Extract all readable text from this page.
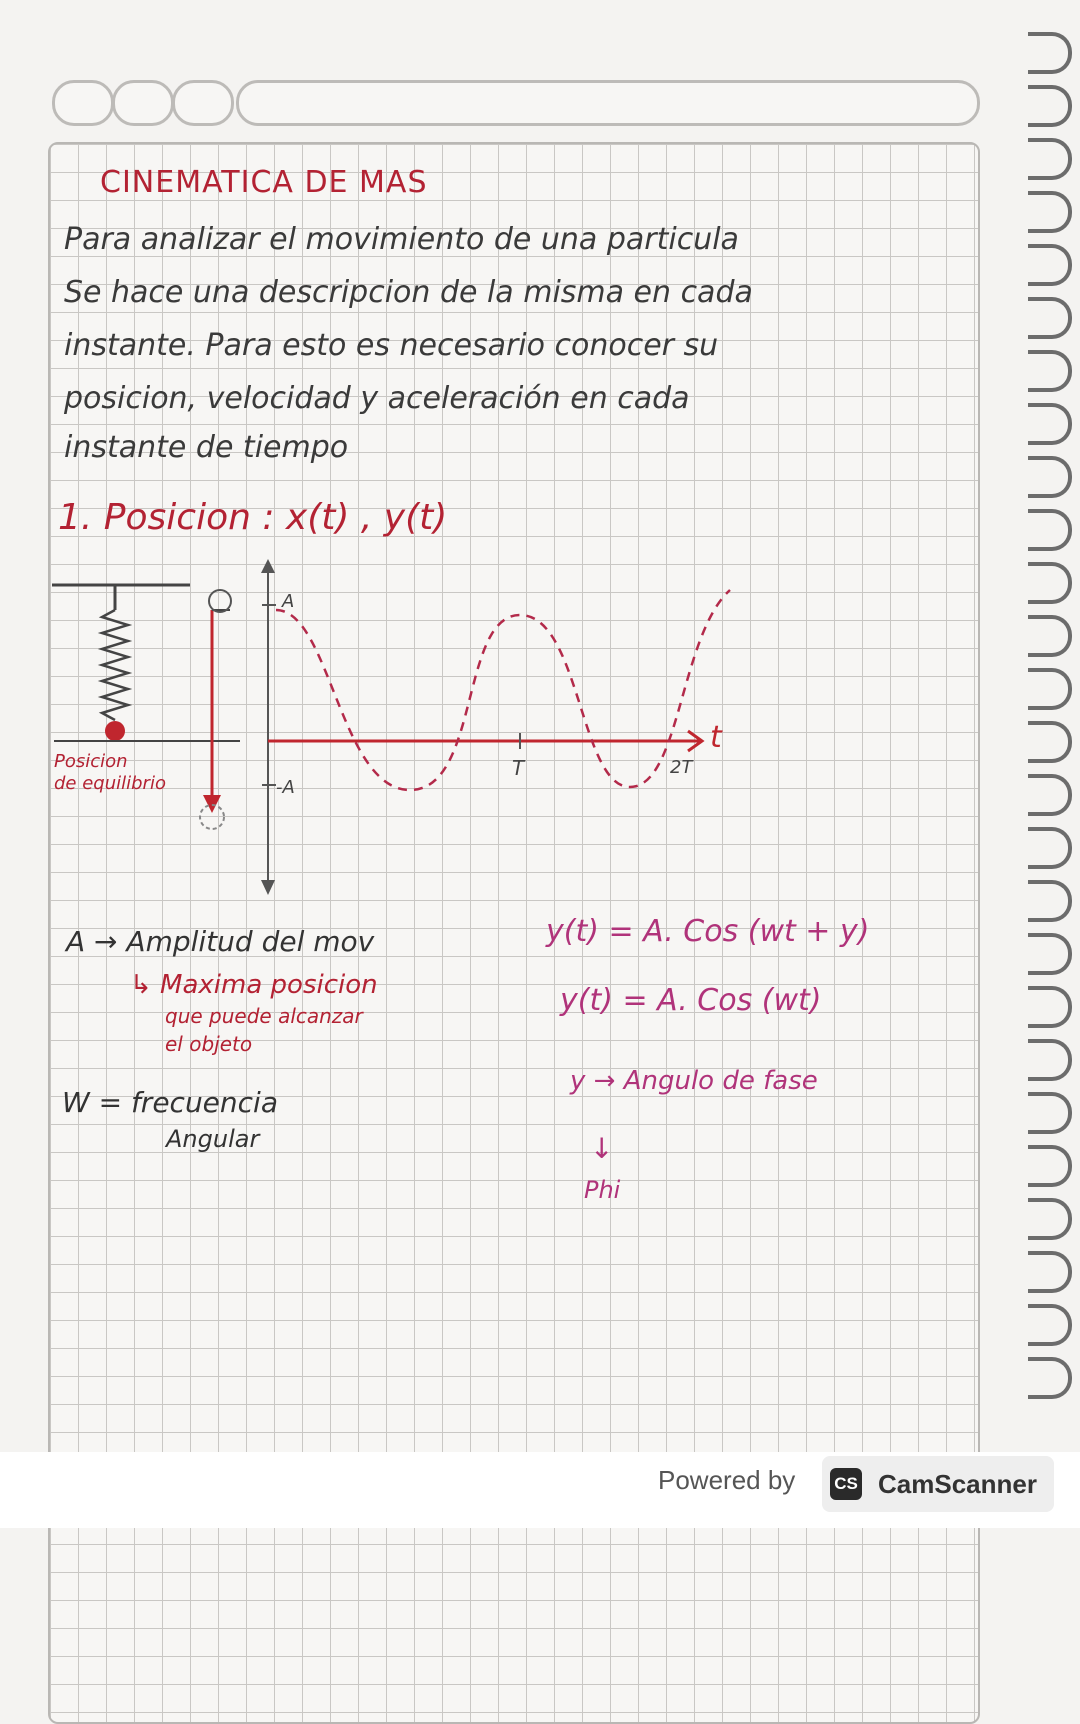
CINEMATICA DE MAS
Para analizar el movimiento de una particula
Se hace una descripcion de la misma en cada
instante. Para esto es necesario conocer su
posicion, velocidad y aceleración en cada
instante de tiempo
1. Posicion : x(t) , y(t)
A
-A
t
T	2T
Posicion
de equilibrio
A → Amplitud del mov
↳ Maxima posicion
que puede alcanzar
el objeto
W = frecuencia
Angular
y(t) = A. Cos (wt + y)
y(t) = A. Cos (wt)
y → Angulo de fase
↓
Phi
Powered by CS CamScanner
